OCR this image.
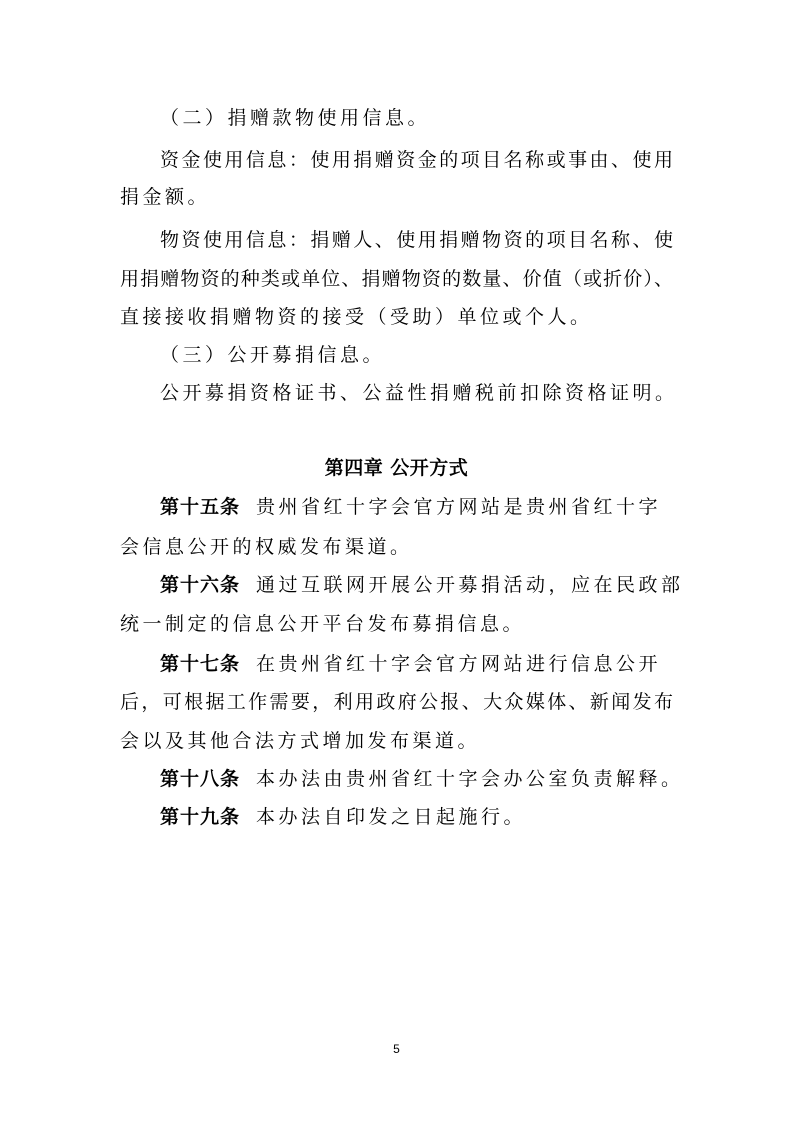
（二）捐赠款物使用信息。
资金使用信息：使用捐赠资金的项目名称或事由、使用
捐金额。
物资使用信息：捐赠人、使用捐赠物资的项目名称、使
用捐赠物资的种类或单位、捐赠物资的数量、价值（或折价）、
直接接收捐赠物资的接受（受助）单位或个人。
（三）公开募捐信息。
公开募捐资格证书、公益性捐赠税前扣除资格证明。
第四章 公开方式
第十五条 贵州省红十字会官方网站是贵州省红十字
会信息公开的权威发布渠道。
第十六条 通过互联网开展公开募捐活动，应在民政部
统一制定的信息公开平台发布募捐信息。
第十七条 在贵州省红十字会官方网站进行信息公开
后，可根据工作需要，利用政府公报、大众媒体、新闻发布
会以及其他合法方式增加发布渠道。
第十八条 本办法由贵州省红十字会办公室负责解释。
第十九条 本办法自印发之日起施行。
5
